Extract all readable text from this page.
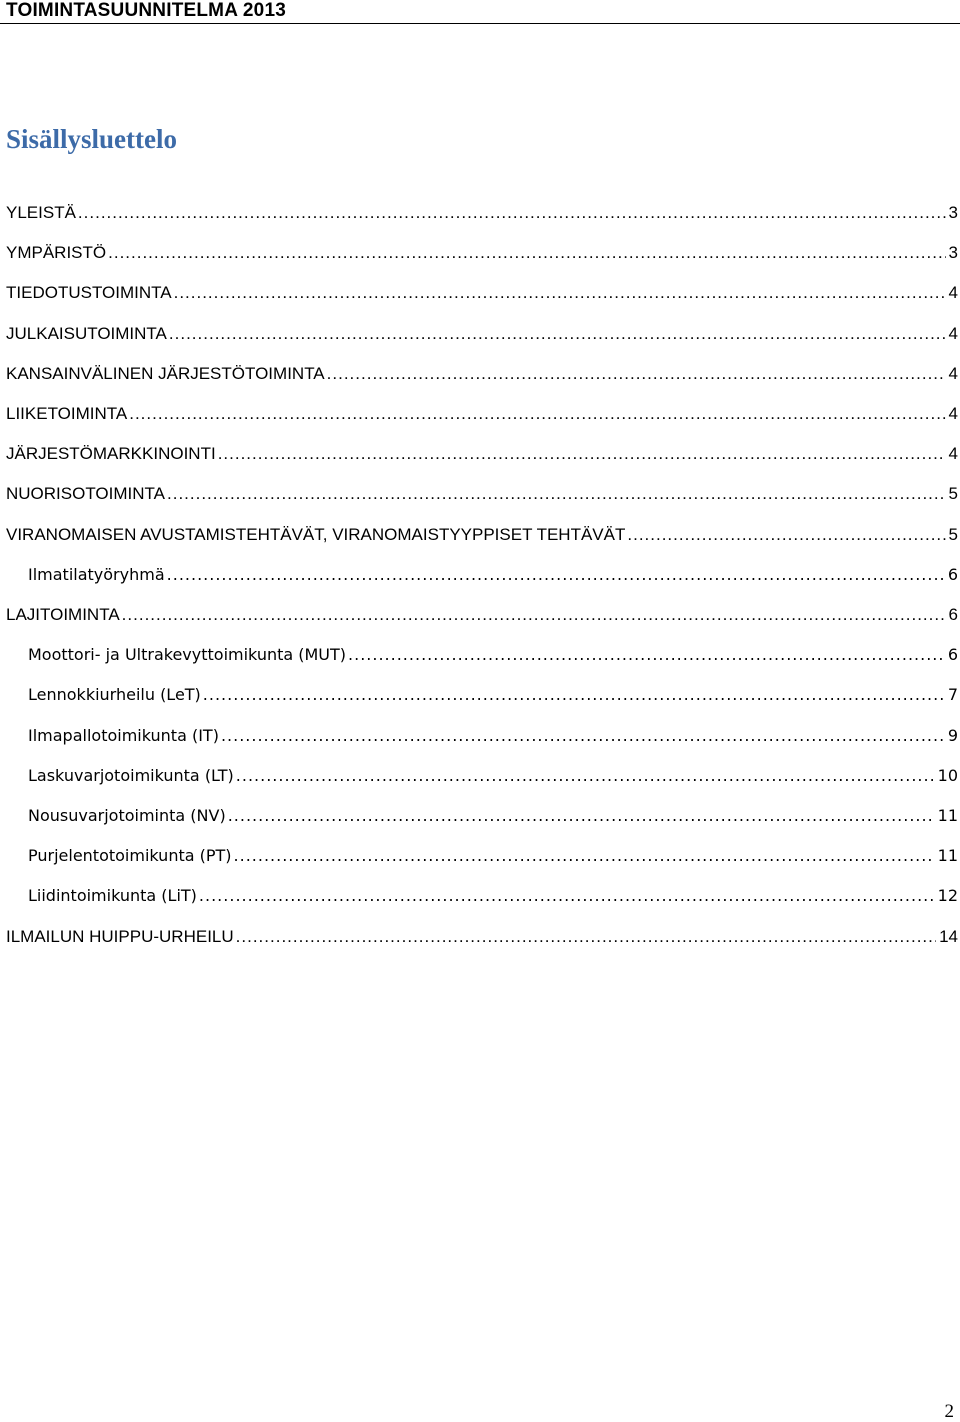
TOIMINTASUUNNITELMA 2013
Sisällysluettelo
YLEISTÄ .....	3
YMPÄRISTÖ .....	3
TIEDOTUSTOIMINTA .....	4
JULKAISUTOIMINTA .....	4
KANSAINVÄLINEN JÄRJESTÖTOIMINTA .....	4
LIIKETOIMINTA .....	4
JÄRJESTÖMARKKINOINTI .....	4
NUORISOTOIMINTA .....	5
VIRANOMAISEN AVUSTAMISTEHTÄVÄT, VIRANOMAISTYYPPISET TEHTÄVÄT .....	5
Ilmatilatyöryhmä .....	6
LAJITOIMINTA .....	6
Moottori- ja Ultrakevyttoimikunta (MUT) .....	6
Lennokkiurheilu (LeT) .....	7
Ilmapallotoimikunta (IT) .....	9
Laskuvarjotoimikunta (LT) .....	10
Nousuvarjotoiminta (NV) .....	11
Purjelentotoimikunta (PT) .....	11
Liidintoimikunta (LiT) .....	12
ILMAILUN HUIPPU-URHEILU .....	14
2
